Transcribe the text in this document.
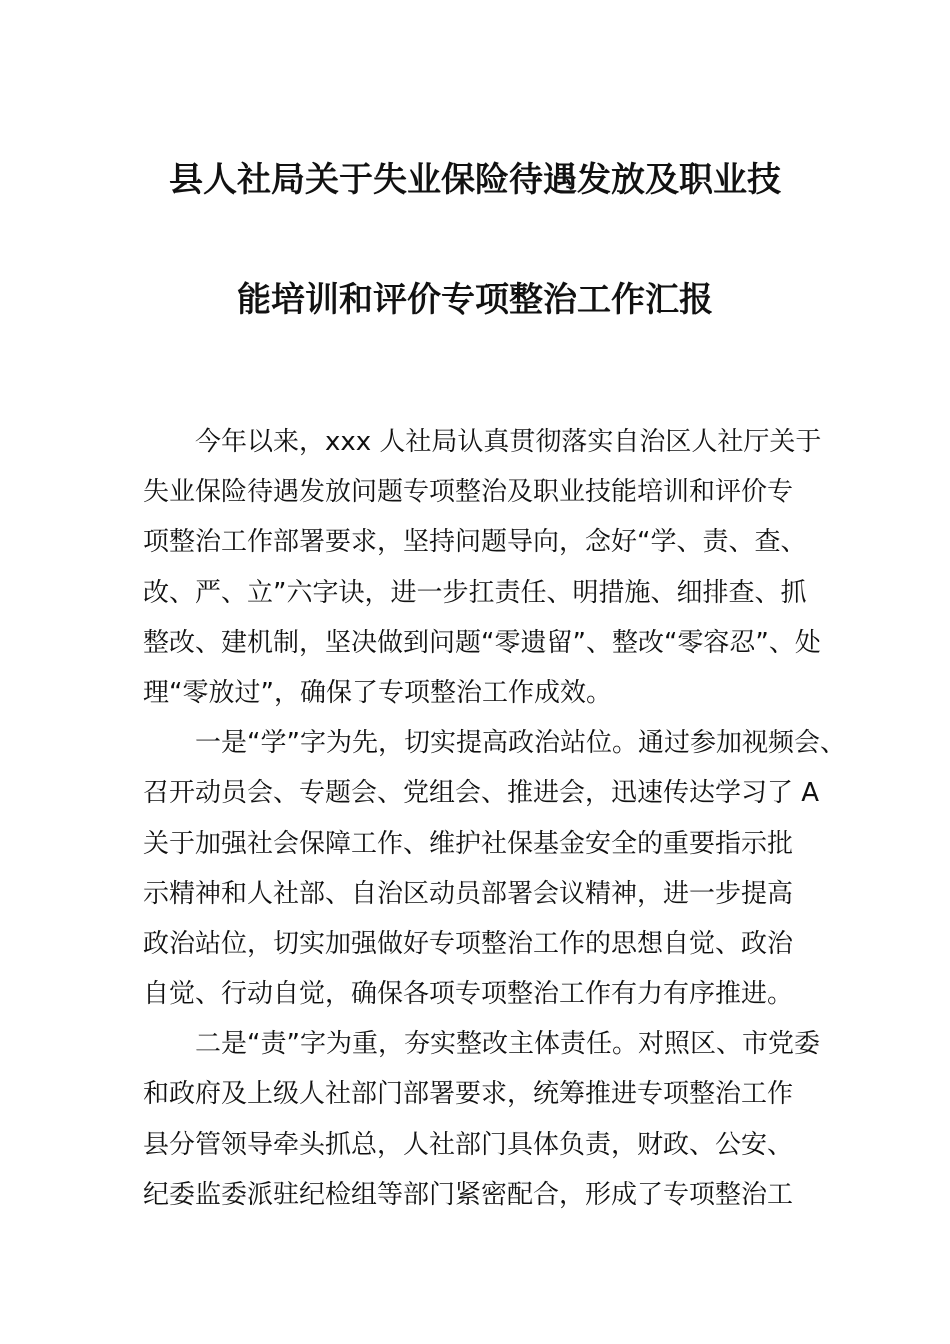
县人社局关于失业保险待遇发放及职业技
能培训和评价专项整治工作汇报
今年以来，xxx 人社局认真贯彻落实自治区人社厅关于
失业保险待遇发放问题专项整治及职业技能培训和评价专
项整治工作部署要求，坚持问题导向，念好“学、责、查、
改、严、立”六字诀，进一步扛责任、明措施、细排查、抓
整改、建机制，坚决做到问题“零遗留”、整改“零容忍”、处
理“零放过”，确保了专项整治工作成效。
一是“学”字为先，切实提高政治站位。通过参加视频会、
召开动员会、专题会、党组会、推进会，迅速传达学习了 A
关于加强社会保障工作、维护社保基金安全的重要指示批
示精神和人社部、自治区动员部署会议精神，进一步提高
政治站位，切实加强做好专项整治工作的思想自觉、政治
自觉、行动自觉，确保各项专项整治工作有力有序推进。
二是“责”字为重，夯实整改主体责任。对照区、市党委
和政府及上级人社部门部署要求，统筹推进专项整治工作
县分管领导牵头抓总，人社部门具体负责，财政、公安、
纪委监委派驻纪检组等部门紧密配合，形成了专项整治工
